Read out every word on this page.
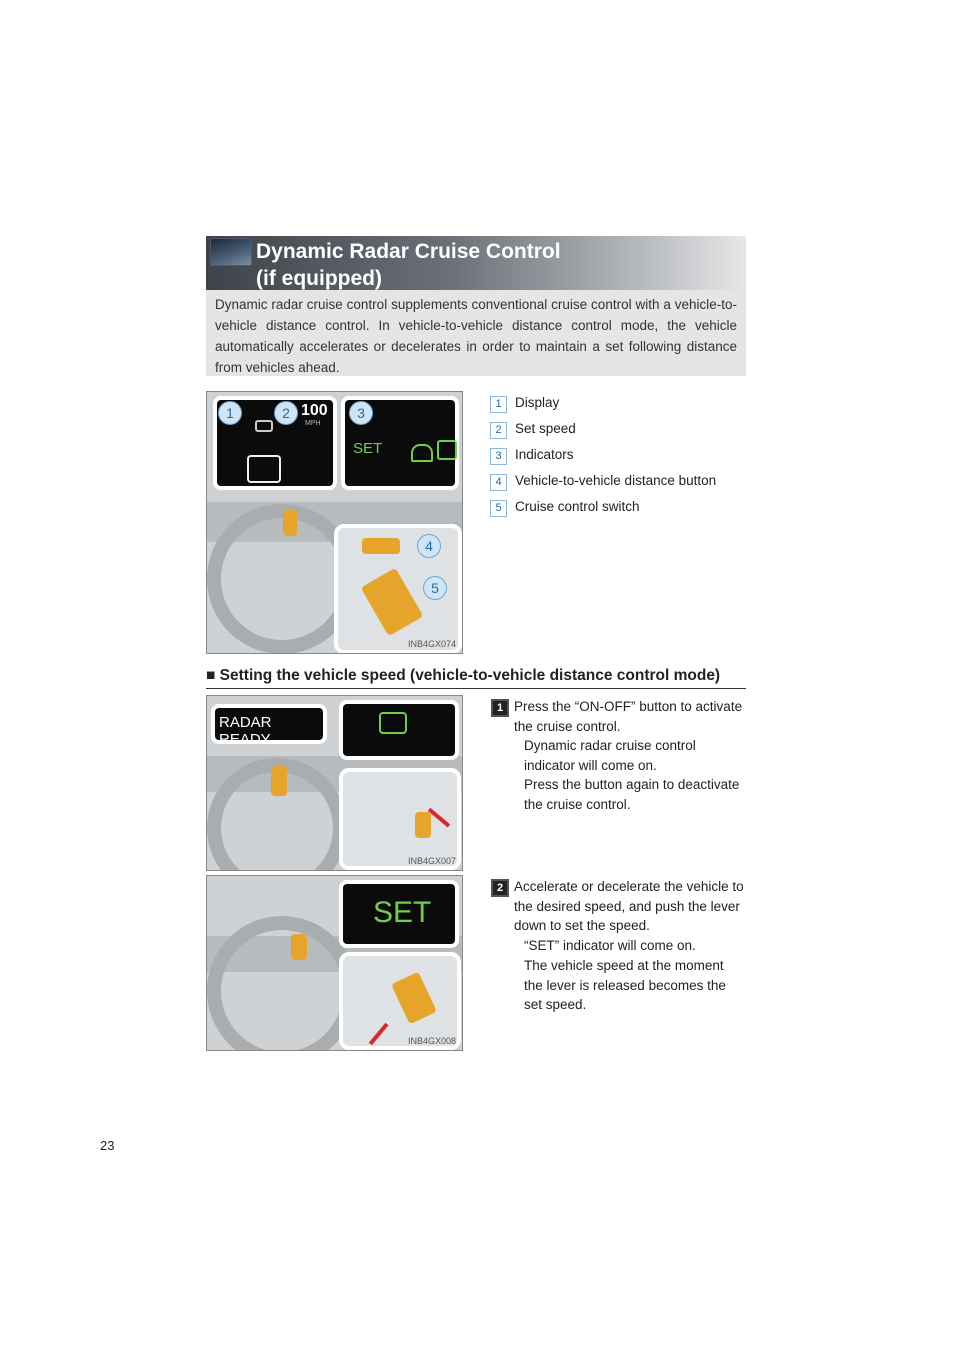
Dynamic Radar Cruise Control
(if equipped)
Dynamic radar cruise control supplements conventional cruise control with a vehicle-to-vehicle distance control. In vehicle-to-vehicle distance control mode, the vehicle automatically accelerates or decelerates in order to maintain a set following distance from vehicles ahead.
100
MPH
SET
1	2	3
4
5
INB4GX074
1 Display
2 Set speed
3 Indicators
4 Vehicle-to-vehicle distance button
5 Cruise control switch
■ Setting the vehicle speed (vehicle-to-vehicle distance control mode)
RADAR READY
INB4GX007
SET
INB4GX008
1 Press the “ON-OFF” button to activate the cruise control.
Dynamic radar cruise control indicator will come on.
Press the button again to deactivate the cruise control.
2 Accelerate or decelerate the vehicle to the desired speed, and push the lever down to set the speed.
“SET” indicator will come on.
The vehicle speed at the moment the lever is released becomes the set speed.
23
